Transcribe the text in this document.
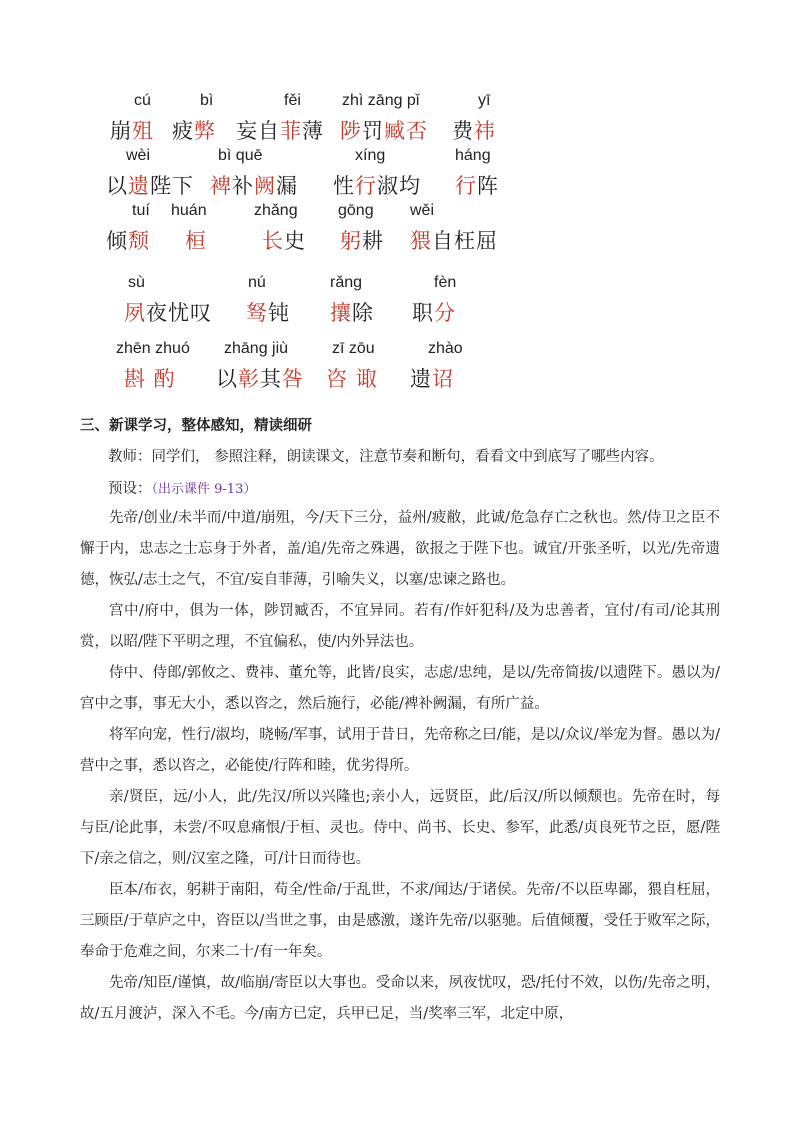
cú
崩殂
bì
疲弊
fěi
妄自菲薄
zhì zāng pǐ
陟罚臧否
yī
费祎
wèi
以遗陛下
bì quē
裨补阙漏
xíng
性行淑均
háng
行阵
tuí
倾颓
huán
桓
zhǎng
长史
gōng
躬耕
wěi
猥自枉屈
sù
夙夜忧叹
nú
驽钝
rǎng
攘除
fèn
职分
zhēn zhuó
斟 酌
zhāng jiù
以彰其咎
zī zōu
咨 诹
zhào
遗诏
三、新课学习，整体感知，精读细研
教师：同学们， 参照注释，朗读课文，注意节奏和断句，看看文中到底写了哪些内容。
预设：（出示课件 9-13）
先帝/创业/未半而/中道/崩殂，今/天下三分，益州/疲敝，此诚/危急存亡之秋也。然/侍卫之臣不懈于内，忠志之士忘身于外者，盖/追/先帝之殊遇，欲报之于陛下也。诚宜/开张圣听，以光/先帝遗德，恢弘/志士之气，不宜/妄自菲薄，引喻失义，以塞/忠谏之路也。
宫中/府中，俱为一体，陟罚臧否，不宜异同。若有/作奸犯科/及为忠善者，宜付/有司/论其刑赏，以昭/陛下平明之理，不宜偏私，使/内外异法也。
侍中、侍郎/郭攸之、费祎、董允等，此皆/良实，志虑/忠纯，是以/先帝简拔/以遗陛下。愚以为/宫中之事，事无大小，悉以咨之，然后施行，必能/裨补阙漏，有所广益。
将军向宠，性行/淑均，晓畅/军事，试用于昔日，先帝称之曰/能，是以/众议/举宠为督。愚以为/营中之事，悉以咨之，必能使/行阵和睦，优劣得所。
亲/贤臣，远/小人，此/先汉/所以兴隆也;亲小人，远贤臣，此/后汉/所以倾颓也。先帝在时，每与臣/论此事，未尝/不叹息痛恨/于桓、灵也。侍中、尚书、长史、参军，此悉/贞良死节之臣，愿/陛下/亲之信之，则/汉室之隆，可/计日而待也。
臣本/布衣，躬耕于南阳，苟全/性命/于乱世，不求/闻达/于诸侯。先帝/不以臣卑鄙，猥自枉屈，三顾臣/于草庐之中，咨臣以/当世之事，由是感激，遂许先帝/以驱驰。后值倾覆，受任于败军之际，奉命于危难之间，尔来二十/有一年矣。
先帝/知臣/谨慎，故/临崩/寄臣以大事也。受命以来，夙夜忧叹，恐/托付不效，以伤/先帝之明，故/五月渡泸，深入不毛。今/南方已定，兵甲已足，当/奖率三军，北定中原，
